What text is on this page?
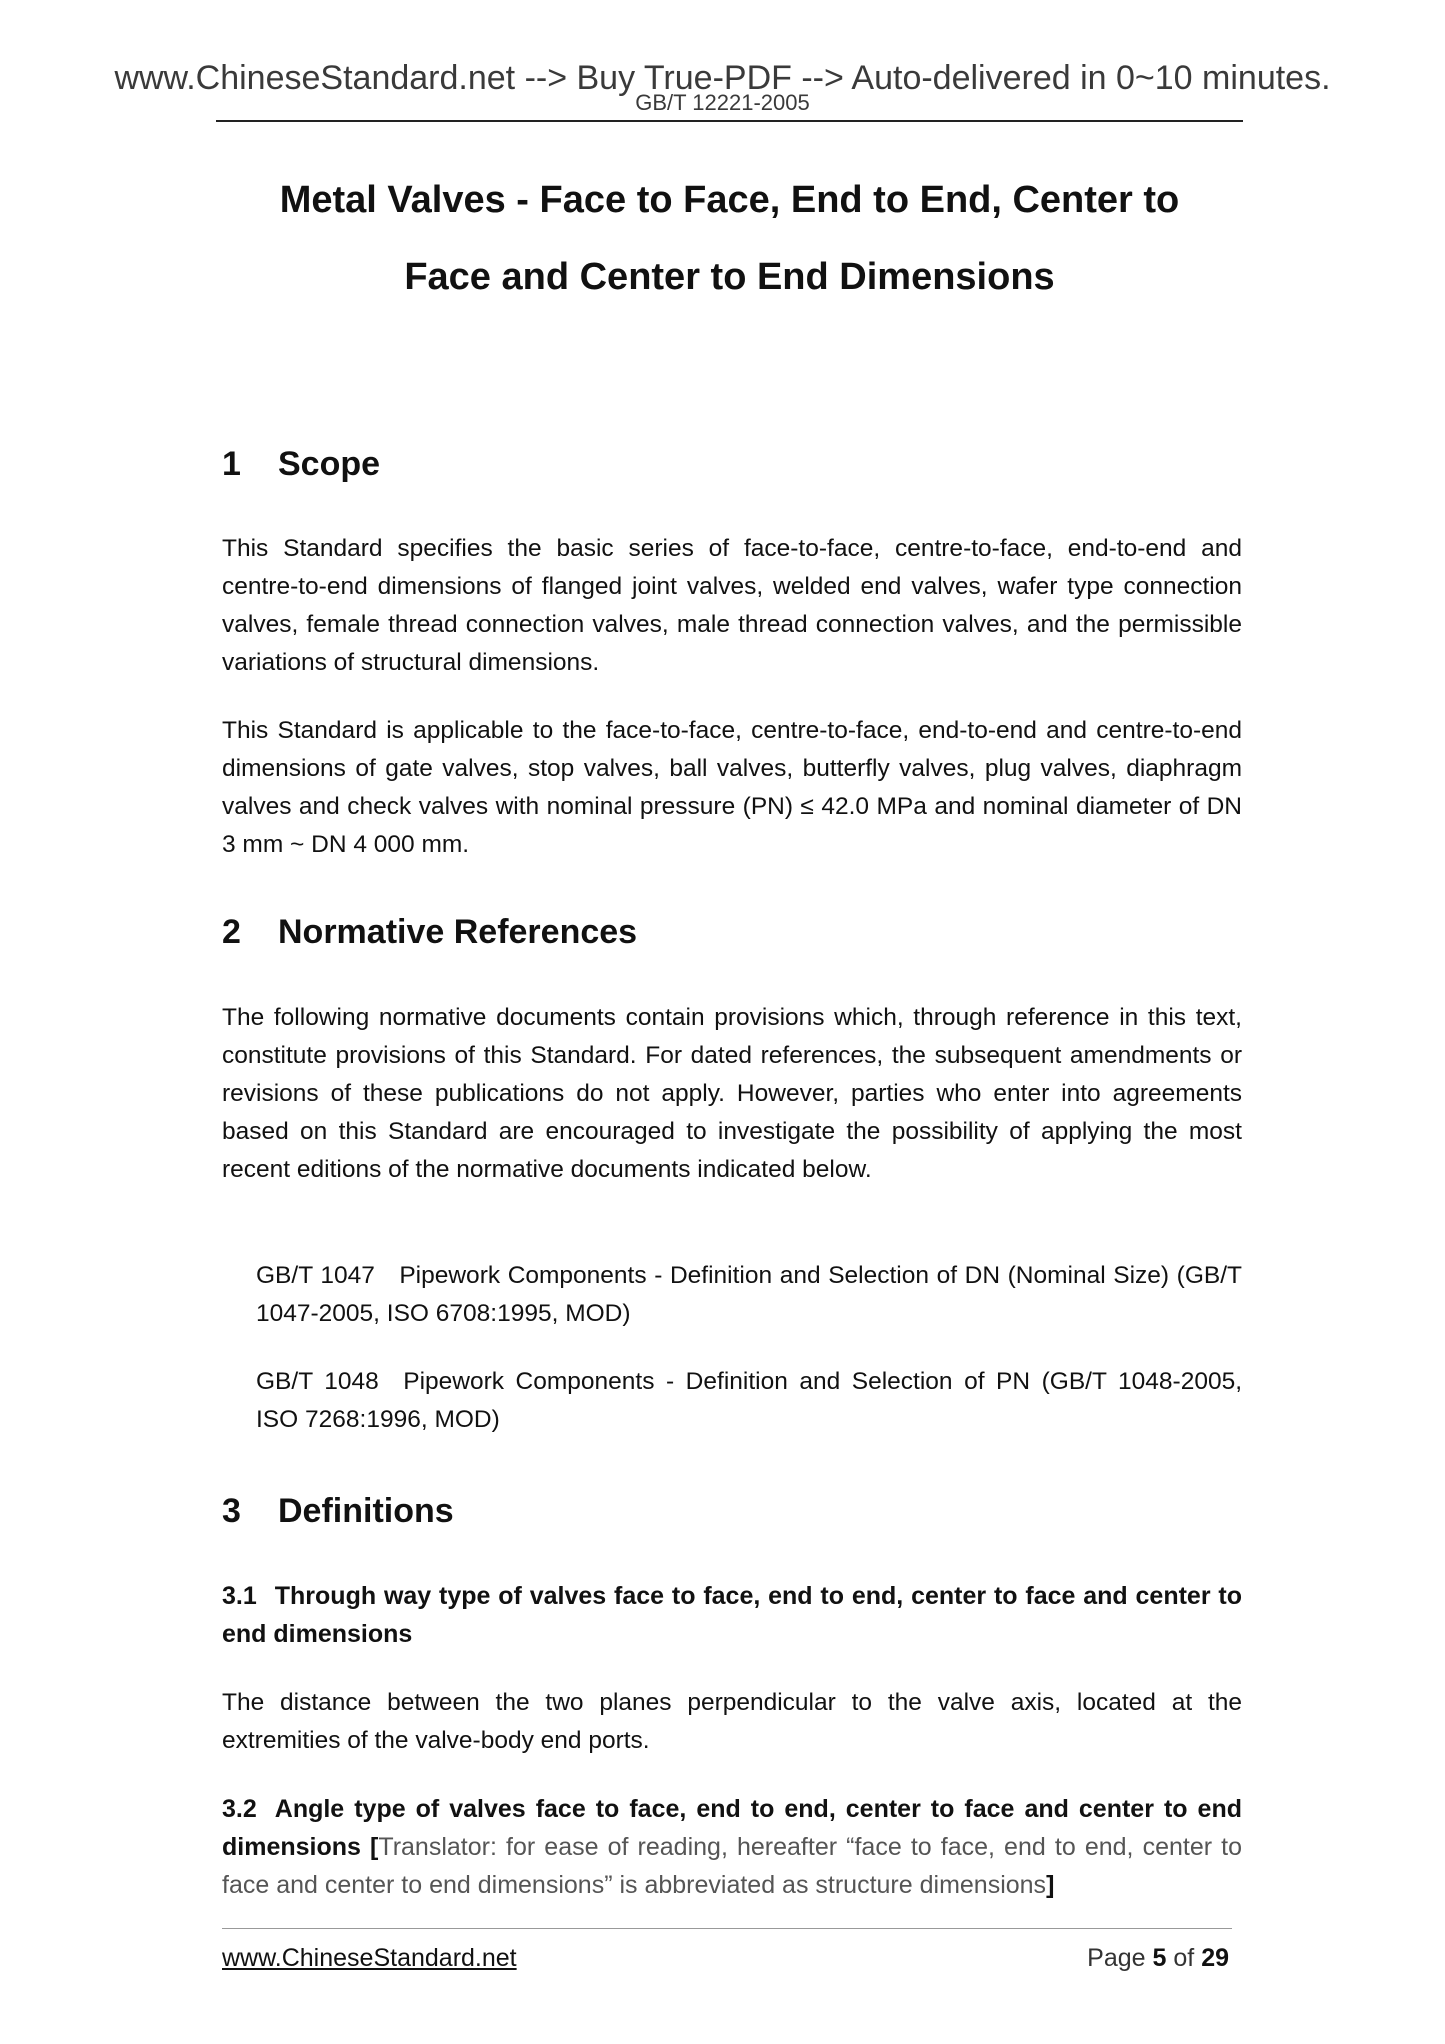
www.ChineseStandard.net --> Buy True-PDF --> Auto-delivered in 0~10 minutes.
GB/T 12221-2005
Metal Valves - Face to Face, End to End, Center to
Face and Center to End Dimensions
1 Scope
This Standard specifies the basic series of face-to-face, centre-to-face, end-to-end and centre-to-end dimensions of flanged joint valves, welded end valves, wafer type connection valves, female thread connection valves, male thread connection valves, and the permissible variations of structural dimensions.
This Standard is applicable to the face-to-face, centre-to-face, end-to-end and centre-to-end dimensions of gate valves, stop valves, ball valves, butterfly valves, plug valves, diaphragm valves and check valves with nominal pressure (PN) ≤ 42.0 MPa and nominal diameter of DN 3 mm ~ DN 4 000 mm.
2 Normative References
The following normative documents contain provisions which, through reference in this text, constitute provisions of this Standard. For dated references, the subsequent amendments or revisions of these publications do not apply. However, parties who enter into agreements based on this Standard are encouraged to investigate the possibility of applying the most recent editions of the normative documents indicated below.
GB/T 1047 Pipework Components - Definition and Selection of DN (Nominal Size) (GB/T 1047-2005, ISO 6708:1995, MOD)
GB/T 1048 Pipework Components - Definition and Selection of PN (GB/T 1048-2005, ISO 7268:1996, MOD)
3 Definitions
3.1 Through way type of valves face to face, end to end, center to face and center to end dimensions
The distance between the two planes perpendicular to the valve axis, located at the extremities of the valve-body end ports.
3.2 Angle type of valves face to face, end to end, center to face and center to end dimensions [Translator: for ease of reading, hereafter “face to face, end to end, center to face and center to end dimensions” is abbreviated as structure dimensions]
www.ChineseStandard.net	Page 5 of 29
